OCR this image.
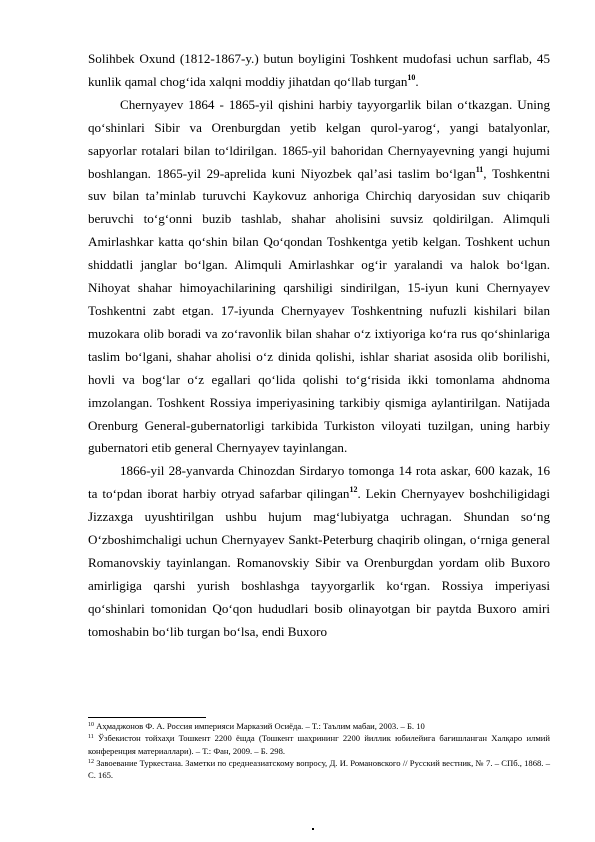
Solihbek Oxund (1812-1867-y.) butun boyligini Toshkent mudofasi uchun sarflab, 45 kunlik qamal chog‘ida xalqni moddiy jihatdan qo‘llab turgan$^{10}$.

Chernyayev 1864 - 1865-yil qishini harbiy tayyorgarlik bilan o‘tkazgan. Uning qo‘shinlari Sibir va Orenburgdan yetib kelgan qurol-yarog‘, yangi batalyonlar, sapyorlar rotalari bilan to‘ldirilgan. 1865-yil bahoridan Chernyayevning yangi hujumi boshlangan. 1865-yil 29-aprelida kuni Niyozbek qal’asi taslim bo‘lgan$^{11}$, Toshkentni suv bilan ta’minlab turuvchi Kaykovuz anhoriga Chirchiq daryosidan suv chiqarib beruvchi to‘g‘onni buzib tashlab, shahar aholisini suvsiz qoldirilgan. Alimquli Amirlashkar katta qo‘shin bilan Qo‘qondan Toshkentga yetib kelgan. Toshkent uchun shiddatli janglar bo‘lgan. Alimquli Amirlashkar og‘ir yaralandi va halok bo‘lgan. Nihoyat shahar himoyachilarining qarshiligi sindirilgan, 15-iyun kuni Chernyayev Toshkentni zabt etgan. 17-iyunda Chernyayev Toshkentning nufuzli kishilari bilan muzokara olib boradi va zo‘ravonlik bilan shahar o‘z ixtiyoriga ko‘ra rus qo‘shinlariga taslim bo‘lgani, shahar aholisi o‘z dinida qolishi, ishlar shariat asosida olib borilishi, hovli va bog‘lar o‘z egallari qo‘lida qolishi to‘g‘risida ikki tomonlama ahdnoma imzolangan. Toshkent Rossiya imperiyasining tarkibiy qismiga aylantirilgan. Natijada Orenburg General-gubernatorligi tarkibida Turkiston viloyati tuzilgan, uning harbiy gubernatori etib general Chernyayev tayinlangan.

1866-yil 28-yanvarda Chinozdan Sirdaryo tomonga 14 rota askar, 600 kazak, 16 ta to‘pdan iborat harbiy otryad safarbar qilingan$^{12}$. Lekin Chernyayev boshchiligidagi Jizzaxga uyushtirilgan ushbu hujum mag‘lubiyatga uchragan. Shundan so‘ng O‘zboshimchaligi uchun Chernyayev Sankt-Peterburg chaqirib olingan, o‘rniga general Romanovskiy tayinlangan. Romanovskiy Sibir va Orenburgdan yordam olib Buxoro amirligiga qarshi yurish boshlashga tayyorgarlik ko‘rgan. Rossiya imperiyasi qo‘shinlari tomonidan Qo‘qon hududlari bosib olinayotgan bir paytda Buxoro amiri tomoshabin bo‘lib turgan bo‘lsa, endi Buxoro

$^{10}$ Аҳмаджонов Ф. А. Россия империяси Марказий Осиёда. – Т.: Таълим мабаи, 2003. – Б. 10

$^{11}$ Ўзбекистон тойхаҳи Тошкент 2200 ёшда (Тошкент шаҳрининг 2200 йиллик юбилейига бағишланган Халқаро илмий конференция материаллари). – Т.: Фан, 2009. – Б. 298.

$^{12}$ Завоевание Туркестана. Заметки по среднеазиатскому вопросу, Д. И. Романовского // Русский вестник, № 7. – СПб., 1868. – С. 165.
